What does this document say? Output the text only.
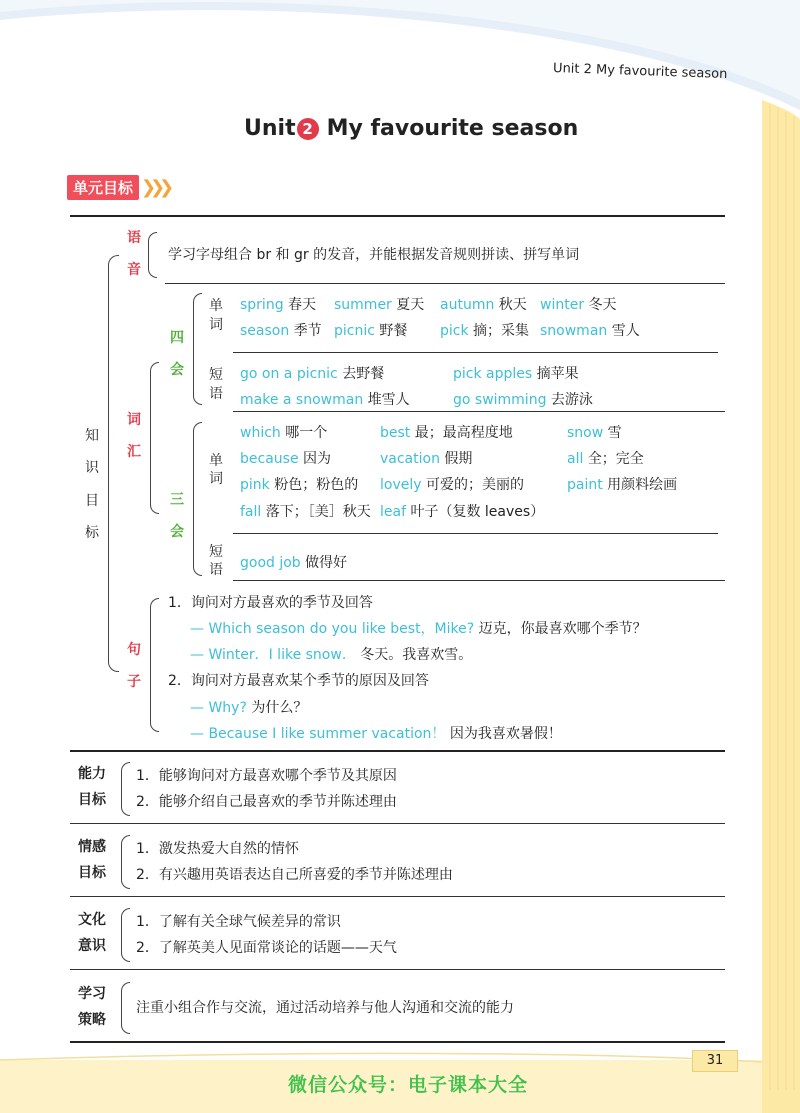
Unit 2 My favourite season
Unit 2 My favourite season
单元目标 ❯❯❯
知
识
目
标
语
音
学习字母组合 br 和 gr 的发音，并能根据发音规则拼读、拼写单词
词
汇
四
会
单
词
spring 春天 summer 夏天 autumn 秋天 winter 冬天
season 季节 picnic 野餐 pick 摘；采集 snowman 雪人
短
语
go on a picnic 去野餐	pick apples 摘苹果
make a snowman 堆雪人	go swimming 去游泳
三
会
单
词
which 哪一个	best 最；最高程度地	snow 雪
because 因为	vacation 假期	all 全；完全
pink 粉色；粉色的 lovely 可爱的；美丽的	paint 用颜料绘画
fall 落下；［美］秋天 leaf 叶子（复数 leaves）
短
语 good job 做得好
句
子
1．询问对方最喜欢的季节及回答
— Which season do you like best，Mike? 迈克，你最喜欢哪个季节？
— Winter．I like snow． 冬天。我喜欢雪。
2．询问对方最喜欢某个季节的原因及回答
— Why? 为什么？
— Because I like summer vacation！ 因为我喜欢暑假！
能力
目标
1．能够询问对方最喜欢哪个季节及其原因
2．能够介绍自己最喜欢的季节并陈述理由
情感
目标
1．激发热爱大自然的情怀
2．有兴趣用英语表达自己所喜爱的季节并陈述理由
文化
意识
1．了解有关全球气候差异的常识
2．了解英美人见面常谈论的话题——天气
学习
策略
注重小组合作与交流，通过活动培养与他人沟通和交流的能力
31
微信公众号：电子课本大全
